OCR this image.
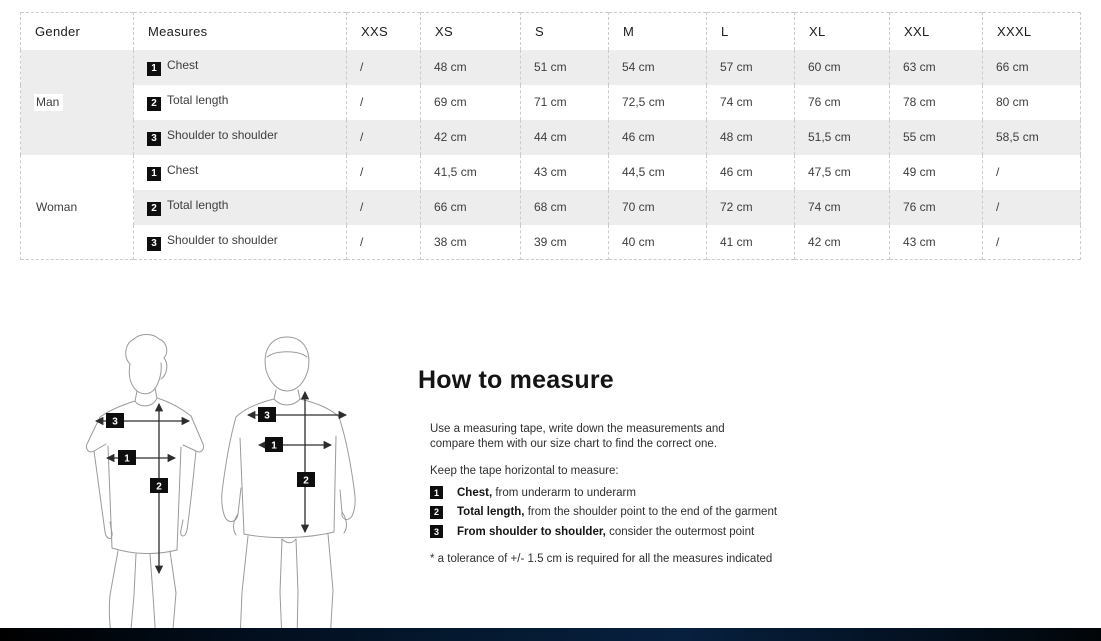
Gender	Measures	XXS	XS	S	M	L	XL	XXL	XXXL
Man	1 Chest	/	48 cm	51 cm	54 cm	57 cm	60 cm	63 cm	66 cm
	2 Total length	/	69 cm	71 cm	72,5 cm	74 cm	76 cm	78 cm	80 cm
	3 Shoulder to shoulder	/	42 cm	44 cm	46 cm	48 cm	51,5 cm	55 cm	58,5 cm
Woman	1 Chest	/	41,5 cm	43 cm	44,5 cm	46 cm	47,5 cm	49 cm	/
	2 Total length	/	66 cm	68 cm	70 cm	72 cm	74 cm	76 cm	/
	3 Shoulder to shoulder	/	38 cm	39 cm	40 cm	41 cm	42 cm	43 cm	/
3
1
2
3
1
2
How to measure
Use a measuring tape, write down the measurements and
compare them with our size chart to find the correct one.
Keep the tape horizontal to measure:
1	Chest, from underarm to underarm
2	Total length, from the shoulder point to the end of the garment
3	From shoulder to shoulder, consider the outermost point
* a tolerance of +/- 1.5 cm is required for all the measures indicated
